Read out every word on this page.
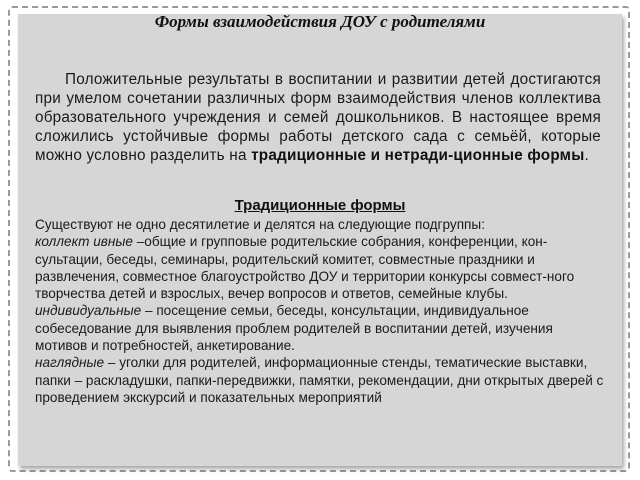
Формы взаимодействия ДОУ с родителями

Положительные результаты в воспитании и развитии детей достигаются при умелом сочетании различных форм взаимодействия членов коллектива образовательного учреждения и семей дошкольников. В настоящее время сложились устойчивые формы работы детского сада с семьёй, которые можно условно разделить на традиционные и нетради-ционные формы.

Традиционные формы

Существуют не одно десятилетие и делятся на следующие подгруппы:

коллект ивные –общие и групповые родительские собрания, конференции, кон-сультации, беседы, семинары, родительский комитет, совместные праздники и развлечения, совместное благоустройство ДОУ и территории конкурсы совмест-ного творчества детей и взрослых, вечер вопросов и ответов, семейные клубы.

индивидуальные – посещение семьи, беседы, консультации, индивидуальное собеседование для выявления проблем родителей в воспитании детей, изучения мотивов и потребностей, анкетирование.

наглядные – уголки для родителей, информационные стенды, тематические выставки, папки – раскладушки, папки-передвижки, памятки, рекомендации, дни открытых дверей с проведением экскурсий и показательных мероприятий
